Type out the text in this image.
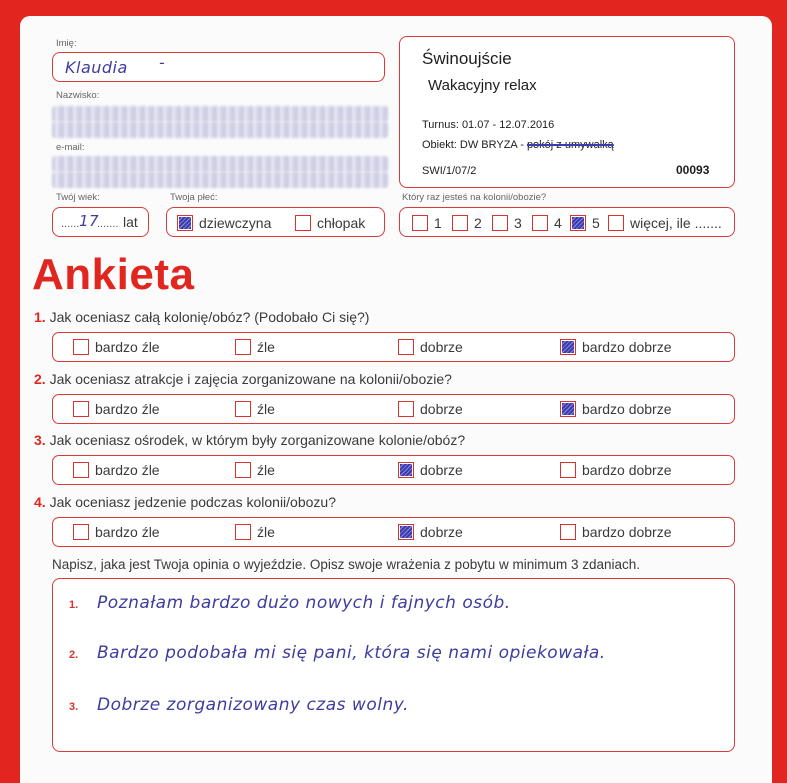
Imię:
Klaudia -
Nazwisko:
e-mail:
Świnoujście
Wakacyjny relax
Turnus: 01.07 - 12.07.2016
Obiekt: DW BRYZA - pokój z umywalką
SWI/1/07/2	00093
Twój wiek:
...... 17
....... lat
Twoja płeć:
dziewczyna	chłopak
Który raz jesteś na kolonii/obozie?
1	2	3	4	5	więcej, ile .......
Ankieta
1. Jak oceniasz całą kolonię/obóz? (Podobało Ci się?)
bardzo źle	źle	dobrze	bardzo dobrze
2. Jak oceniasz atrakcje i zajęcia zorganizowane na kolonii/obozie?
bardzo źle	źle	dobrze	bardzo dobrze
3. Jak oceniasz ośrodek, w którym były zorganizowane kolonie/obóz?
bardzo źle	źle	dobrze	bardzo dobrze
4. Jak oceniasz jedzenie podczas kolonii/obozu?
bardzo źle	źle	dobrze	bardzo dobrze
Napisz, jaka jest Twoja opinia o wyjeździe. Opisz swoje wrażenia z pobytu w minimum 3 zdaniach.
1. Poznałam bardzo dużo nowych i fajnych osób.
2. Bardzo podobała mi się pani, która się nami opiekowała.
3. Dobrze zorganizowany czas wolny.
